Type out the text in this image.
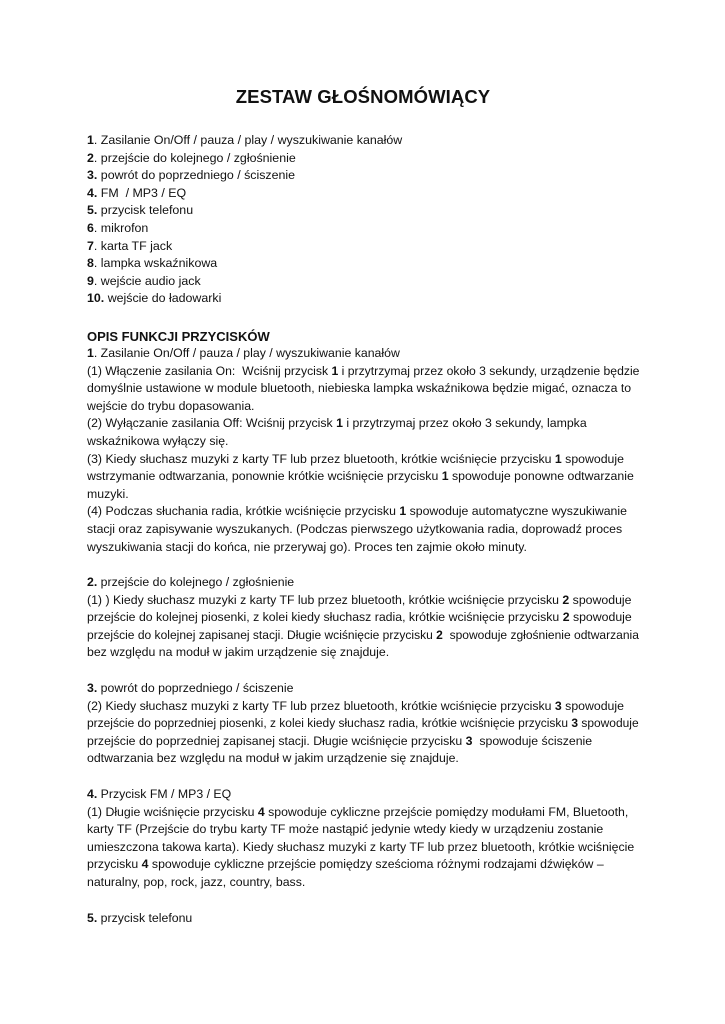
ZESTAW GŁOŚNOMÓWIĄCY
1. Zasilanie On/Off / pauza / play / wyszukiwanie kanałów
2. przejście do kolejnego / zgłośnienie
3. powrót do poprzedniego / ściszenie
4. FM  / MP3 / EQ
5. przycisk telefonu
6. mikrofon
7. karta TF jack
8. lampka wskaźnikowa
9. wejście audio jack
10. wejście do ładowarki
OPIS FUNKCJI PRZYCISKÓW
1. Zasilanie On/Off / pauza / play / wyszukiwanie kanałów
(1) Włączenie zasilania On:  Wciśnij przycisk 1 i przytrzymaj przez około 3 sekundy, urządzenie będzie
domyślnie ustawione w module bluetooth, niebieska lampka wskaźnikowa będzie migać, oznacza to
wejście do trybu dopasowania.
(2) Wyłączanie zasilania Off: Wciśnij przycisk 1 i przytrzymaj przez około 3 sekundy, lampka
wskaźnikowa wyłączy się.
(3) Kiedy słuchasz muzyki z karty TF lub przez bluetooth, krótkie wciśnięcie przycisku 1 spowoduje
wstrzymanie odtwarzania, ponownie krótkie wciśnięcie przycisku 1 spowoduje ponowne odtwarzanie
muzyki.
(4) Podczas słuchania radia, krótkie wciśnięcie przycisku 1 spowoduje automatyczne wyszukiwanie
stacji oraz zapisywanie wyszukanych. (Podczas pierwszego użytkowania radia, doprowadź proces
wyszukiwania stacji do końca, nie przerywaj go). Proces ten zajmie około minuty.
2. przejście do kolejnego / zgłośnienie
(1) ) Kiedy słuchasz muzyki z karty TF lub przez bluetooth, krótkie wciśnięcie przycisku 2 spowoduje
przejście do kolejnej piosenki, z kolei kiedy słuchasz radia, krótkie wciśnięcie przycisku 2 spowoduje
przejście do kolejnej zapisanej stacji. Długie wciśnięcie przycisku 2  spowoduje zgłośnienie odtwarzania
bez względu na moduł w jakim urządzenie się znajduje.
3. powrót do poprzedniego / ściszenie
(2) Kiedy słuchasz muzyki z karty TF lub przez bluetooth, krótkie wciśnięcie przycisku 3 spowoduje
przejście do poprzedniej piosenki, z kolei kiedy słuchasz radia, krótkie wciśnięcie przycisku 3 spowoduje
przejście do poprzedniej zapisanej stacji. Długie wciśnięcie przycisku 3  spowoduje ściszenie
odtwarzania bez względu na moduł w jakim urządzenie się znajduje.
4. Przycisk FM / MP3 / EQ
(1) Długie wciśnięcie przycisku 4 spowoduje cykliczne przejście pomiędzy modułami FM, Bluetooth,
karty TF (Przejście do trybu karty TF może nastąpić jedynie wtedy kiedy w urządzeniu zostanie
umieszczona takowa karta). Kiedy słuchasz muzyki z karty TF lub przez bluetooth, krótkie wciśnięcie
przycisku 4 spowoduje cykliczne przejście pomiędzy sześcioma różnymi rodzajami dźwięków –
naturalny, pop, rock, jazz, country, bass.
5. przycisk telefonu
